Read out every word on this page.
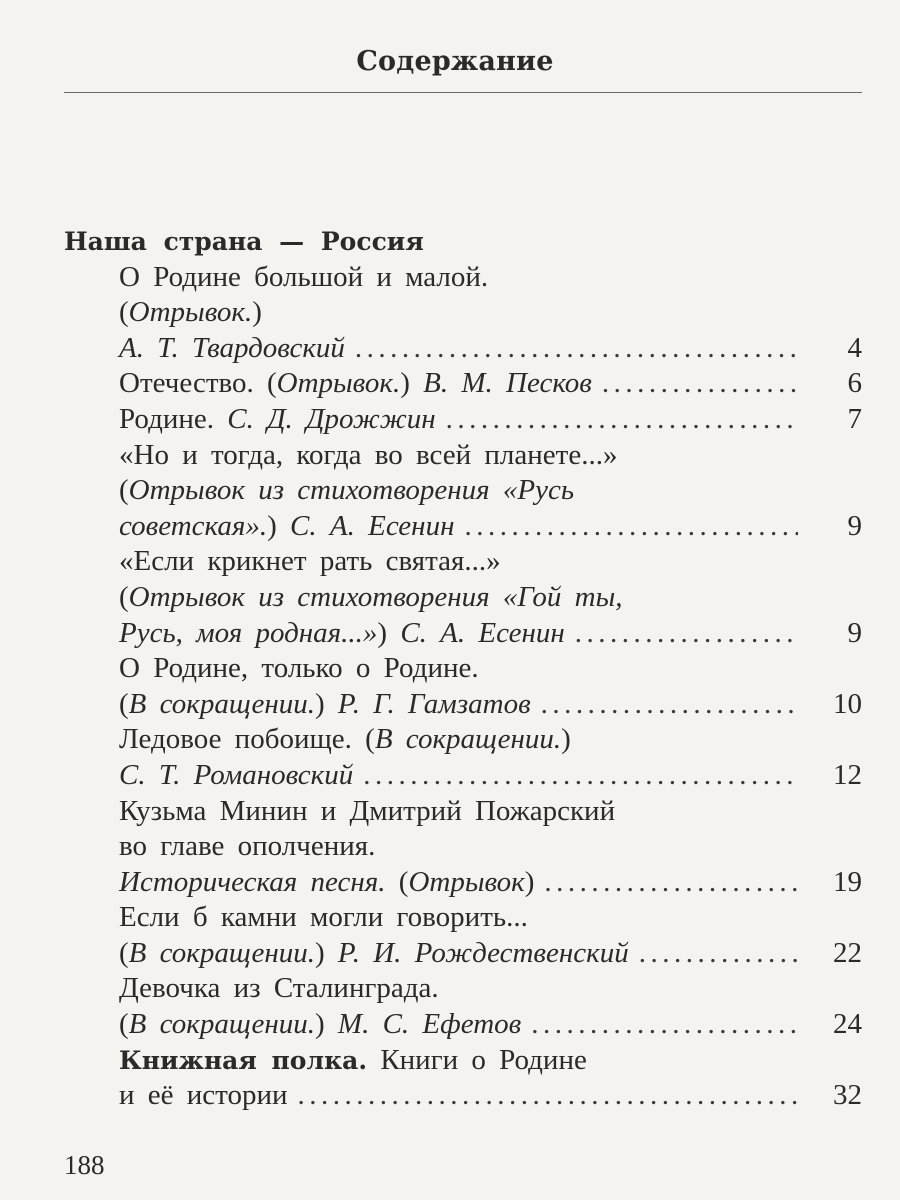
Содержание
Наша страна — Россия
О Родине большой и малой.
(Отрывок.)
А. Т. Твардовский .....	4
Отечество. (Отрывок.) В. М. Песков .....	6
Родине. С. Д. Дрожжин .....	7
«Но и тогда, когда во всей планете...»
(Отрывок из стихотворения «Русь
советская».) С. А. Есенин .....	9
«Если крикнет рать святая...»
(Отрывок из стихотворения «Гой ты,
Русь, моя родная...») С. А. Есенин .....	9
О Родине, только о Родине.
(В сокращении.) Р. Г. Гамзатов .....	10
Ледовое побоище. (В сокращении.)
С. Т. Романовский .....	12
Кузьма Минин и Дмитрий Пожарский
во главе ополчения.
Историческая песня. (Отрывок) .....	19
Если б камни могли говорить...
(В сокращении.) Р. И. Рождественский .....	22
Девочка из Сталинграда.
(В сокращении.) М. С. Ефетов .....	24
Книжная полка. Книги о Родине
и её истории .....	32
188
